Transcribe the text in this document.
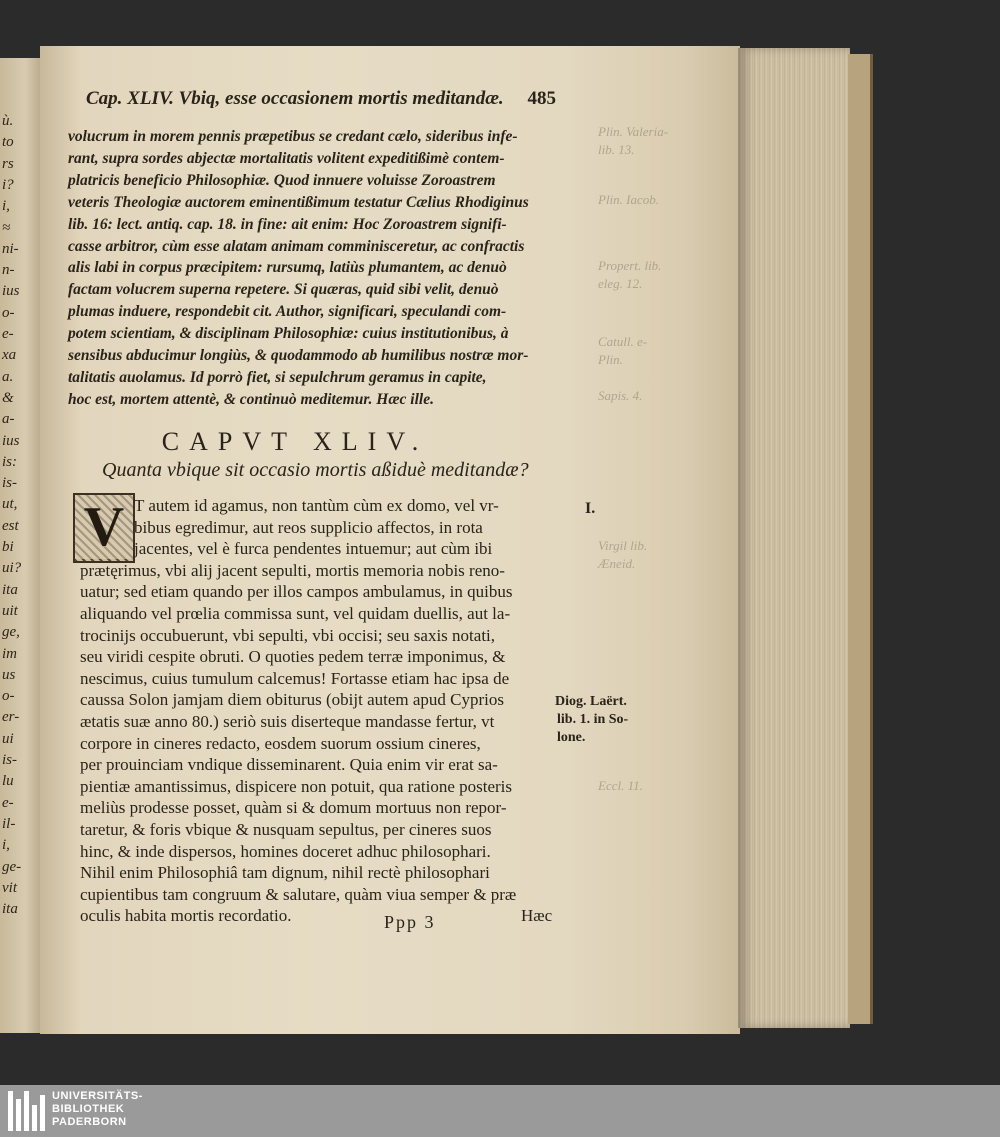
ù.
to
rs
i?
i,
≈
ni-
n-
ius
o-
e-
xa
a.
&
a-
ius
is:
is-
ut,
est
bi
ui?
ita
uit
ge,
im
us
o-
er-
ui
is-
lu
e-
il-
i,
ge-
vit
ita
Plin. Valeria-
lib. 13.
Plin. Iacob.
Propert. lib.
eleg. 12.
Catull. e-
Plin.
Sapis. 4.
Virgil lib.
Æneid.
Eccl. 11.
Cap. XLIV. Vbiq, esse occasionem mortis meditandæ. 485
volucrum in morem pennis præpetibus se credant cælo, sideribus infe-
rant, supra sordes abjectæ mortalitatis volitent expeditißimè contem-
platricis beneficio Philosophiæ. Quod innuere voluisse Zoroastrem
veteris Theologiæ auctorem eminentißimum testatur Cælius Rhodiginus
lib. 16: lect. antiq. cap. 18. in fine: ait enim: Hoc Zoroastrem signifi-
casse arbitror, cùm esse alatam animam comminisceretur, ac confractis
alis labi in corpus præcipitem: rursumq, latiùs plumantem, ac denuò
factam volucrem superna repetere. Si quæras, quid sibi velit, denuò
plumas induere, respondebit cit. Author, significari, speculandi com-
potem scientiam, & disciplinam Philosophiæ: cuius institutionibus, à
sensibus abducimur longiùs, & quodammodo ab humilibus nostræ mor-
talitatis auolamus. Id porrò fiet, si sepulchrum geramus in capite,
hoc est, mortem attentè, & continuò meditemur. Hæc ille.
CAPVT XLIV.
Quanta vbique sit occasio mortis aßiduè meditandæ?
V T autem id agamus, non tantùm cùm ex domo, vel vr-
bibus egredimur, aut reos supplicio affectos, in rota
jacentes, vel è furca pendentes intuemur; aut cùm ibi
prætęrimus, vbi alij jacent sepulti, mortis memoria nobis reno-
uatur; sed etiam quando per illos campos ambulamus, in quibus
aliquando vel prœlia commissa sunt, vel quidam duellis, aut la-
trocinijs occubuerunt, vbi sepulti, vbi occisi; seu saxis notati,
seu viridi cespite obruti. O quoties pedem terræ imponimus, &
nescimus, cuius tumulum calcemus! Fortasse etiam hac ipsa de
caussa Solon jamjam diem obiturus (obijt autem apud Cyprios
ætatis suæ anno 80.) seriò suis diserteque mandasse fertur, vt
corpore in cineres redacto, eosdem suorum ossium cineres,
per prouinciam vndique disseminarent. Quia enim vir erat sa-
pientiæ amantissimus, dispicere non potuit, qua ratione posteris
meliùs prodesse posset, quàm si & domum mortuus non repor-
taretur, & foris vbique & nusquam sepultus, per cineres suos
hinc, & inde dispersos, homines doceret adhuc philosophari.
Nihil enim Philosophiâ tam dignum, nihil rectè philosophari
cupientibus tam congruum & salutare, quàm viua semper & præ
oculis habita mortis recordatio.	Ppp 3	Hæc
I.
Diog. Laërt.
lib. 1. in So-
lone.
UNIVERSITÄTS-
BIBLIOTHEK
PADERBORN
